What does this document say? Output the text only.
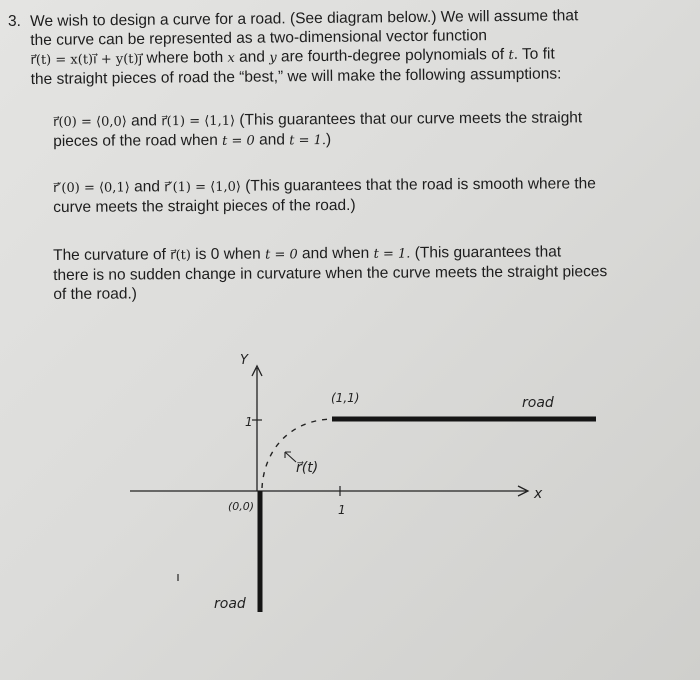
3. We wish to design a curve for a road. (See diagram below.) We will assume that
the curve can be represented as a two-dimensional vector function
r⃗(t) = x(t)i⃗ + y(t)j⃗ where both x and y are fourth-degree polynomials of t. To fit
the straight pieces of road the “best,” we will make the following assumptions:
r⃗(0) = ⟨0,0⟩ and r⃗(1) = ⟨1,1⟩ (This guarantees that our curve meets the straight
pieces of the road when t = 0 and t = 1.)
r⃗′(0) = ⟨0,1⟩ and r⃗′(1) = ⟨1,0⟩ (This guarantees that the road is smooth where the
curve meets the straight pieces of the road.)
The curvature of r⃗(t) is 0 when t = 0 and when t = 1. (This guarantees that
there is no sudden change in curvature when the curve meets the straight pieces
of the road.)
x
Y
1
1
r⃗(t)
(1,1)
(0,0)
road
road
